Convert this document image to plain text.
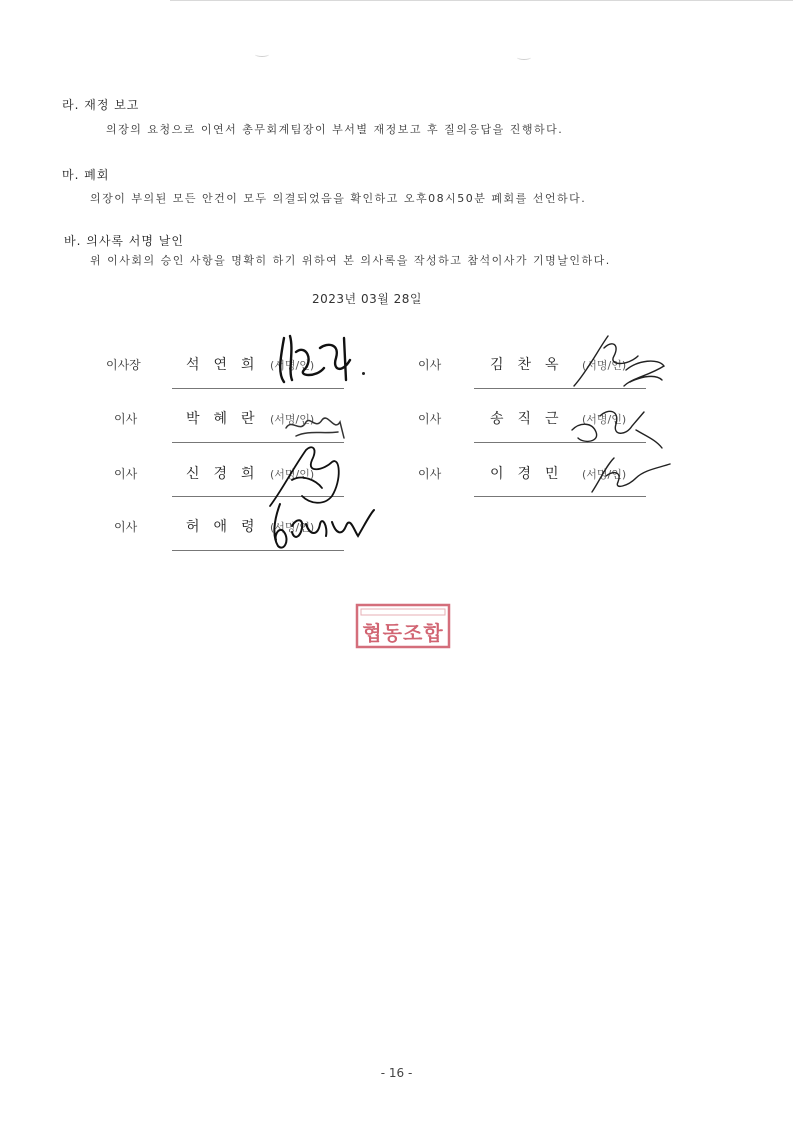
라. 재정 보고
의장의 요청으로 이연서 총무회계팀장이 부서별 재정보고 후 질의응답을 진행하다.
마. 폐회
의장이 부의된 모든 안건이 모두 의결되었음을 확인하고 오후08시50분 폐회를 선언하다.
바. 의사록 서명 날인
위 이사회의 승인 사항을 명확히 하기 위하여 본 의사록을 작성하고 참석이사가 기명날인하다.
2023년 03월 28일
이사장	석연희 (서명/인)	이사	김찬옥 (서명/인)
이사	박혜란 (서명/인)	이사	송직근 (서명/인)
이사	신경희 (서명/인)	이사	이경민 (서명/인)
이사	허애령 (서명/인)
협동조합
- 16 -
